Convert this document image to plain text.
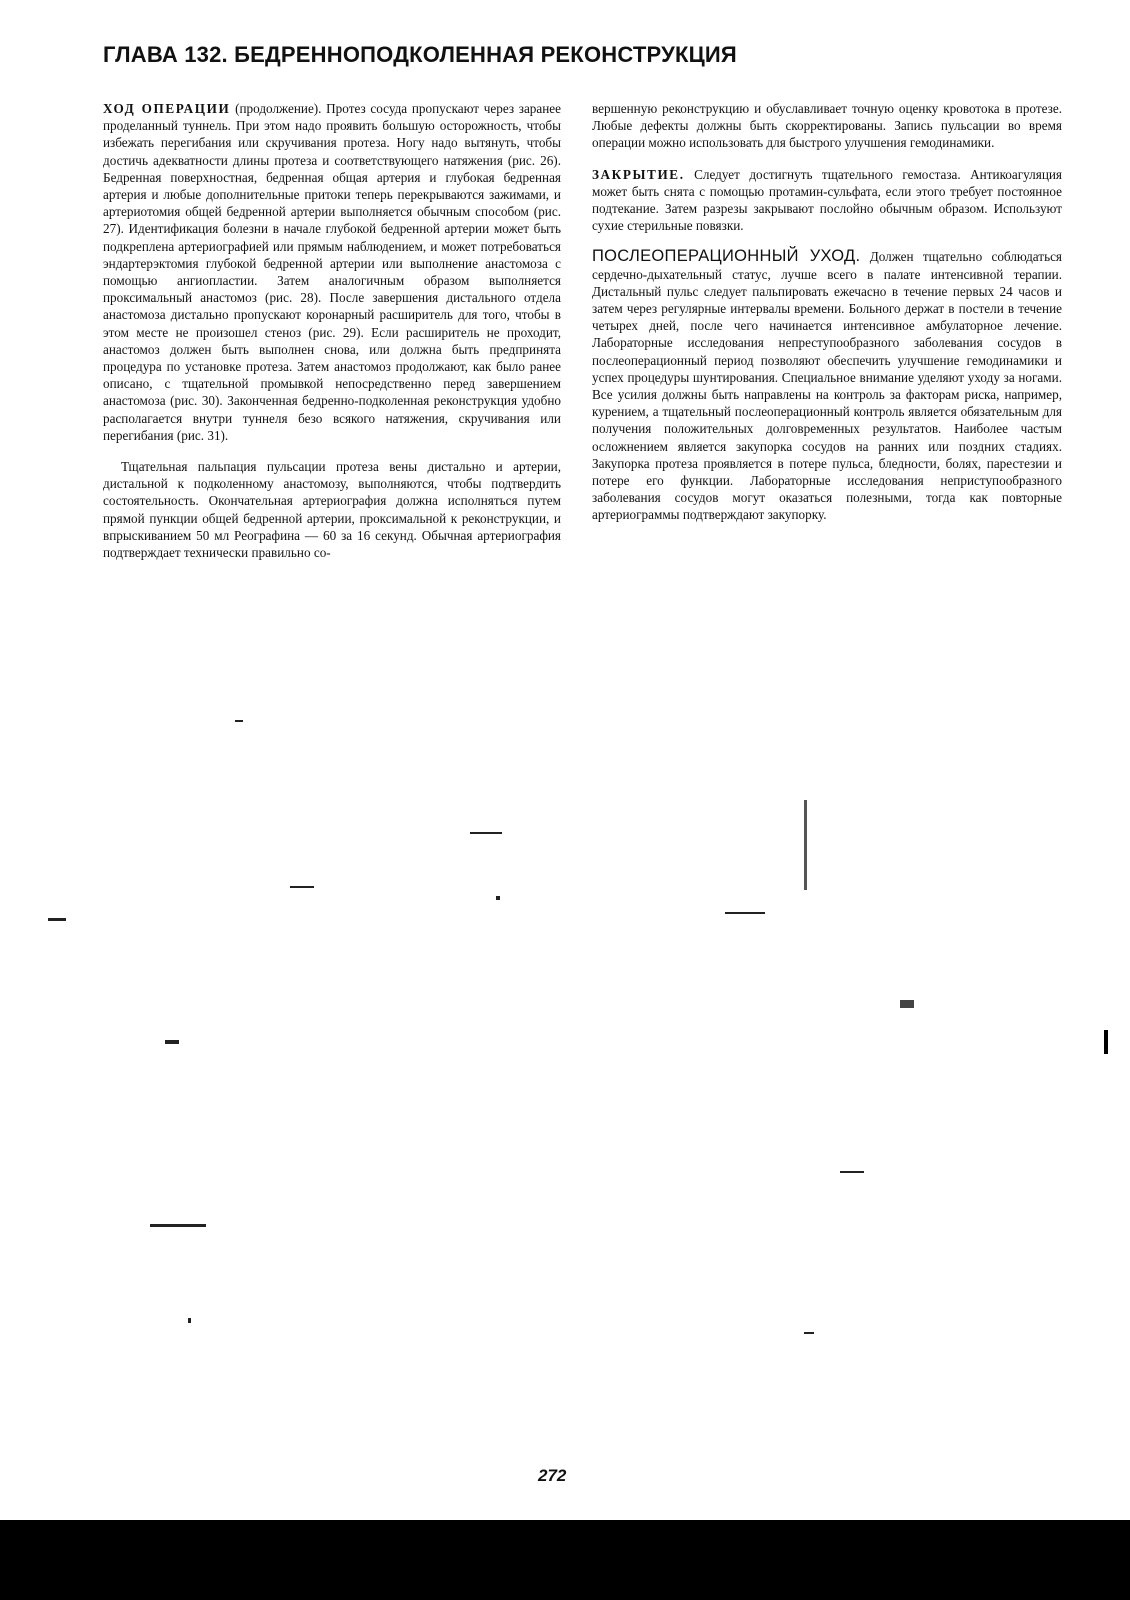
ГЛАВА 132. БЕДРЕННОПОДКОЛЕННАЯ РЕКОНСТРУКЦИЯ

ХОД ОПЕРАЦИИ (продолжение). Протез сосуда пропускают через заранее проделанный туннель. При этом надо проявить большую осторожность, чтобы избежать перегибания или скручивания протеза. Ногу надо вытянуть, чтобы достичь адекватности длины протеза и соответствующего натяжения (рис. 26). Бедренная поверхностная, бедренная общая артерия и глубокая бедренная артерия и любые дополнительные притоки теперь перекрываются зажимами, и артериотомия общей бедренной артерии выполняется обычным способом (рис. 27). Идентификация болезни в начале глубокой бедренной артерии может быть подкреплена артериографией или прямым наблюдением, и может потребоваться эндартерэктомия глубокой бедренной артерии или выполнение анастомоза с помощью ангиопластии. Затем аналогичным образом выполняется проксимальный анастомоз (рис. 28). После завершения дистального отдела анастомоза дистально пропускают коронарный расширитель для того, чтобы в этом месте не произошел стеноз (рис. 29). Если расширитель не проходит, анастомоз должен быть выполнен снова, или должна быть предпринята процедура по установке протеза. Затем анастомоз продолжают, как было ранее описано, с тщательной промывкой непосредственно перед завершением анастомоза (рис. 30). Законченная бедренно-подколенная реконструкция удобно располагается внутри туннеля безо всякого натяжения, скручивания или перегибания (рис. 31).

Тщательная пальпация пульсации протеза вены дистально и артерии, дистальной к подколенному анастомозу, выполняются, чтобы подтвердить состоятельность. Окончательная артериография должна исполняться путем прямой пункции общей бедренной артерии, проксимальной к реконструкции, и впрыскиванием 50 мл Реографина — 60 за 16 секунд. Обычная артериография подтверждает технически правильно со-

вершенную реконструкцию и обуславливает точную оценку кровотока в протезе. Любые дефекты должны быть скорректированы. Запись пульсации во время операции можно использовать для быстрого улучшения гемодинамики.

ЗАКРЫТИЕ. Следует достигнуть тщательного гемостаза. Антикоагуляция может быть снята с помощью протамин-сульфата, если этого требует постоянное подтекание. Затем разрезы закрывают послойно обычным образом. Используют сухие стерильные повязки.

ПОСЛЕОПЕРАЦИОННЫЙ УХОД. Должен тщательно соблюдаться сердечно-дыхательный статус, лучше всего в палате интенсивной терапии. Дистальный пульс следует пальпировать ежечасно в течение первых 24 часов и затем через регулярные интервалы времени. Больного держат в постели в течение четырех дней, после чего начинается интенсивное амбулаторное лечение. Лабораторные исследования непреступообразного заболевания сосудов в послеоперационный период позволяют обеспечить улучшение гемодинамики и успех процедуры шунтирования. Специальное внимание уделяют уходу за ногами. Все усилия должны быть направлены на контроль за факторам риска, например, курением, а тщательный послеоперационный контроль является обязательным для получения положительных долговременных результатов. Наиболее частым осложнением является закупорка сосудов на ранних или поздних стадиях. Закупорка протеза проявляется в потере пульса, бледности, болях, парестезии и потере его функции. Лабораторные исследования неприступообразного заболевания сосудов могут оказаться полезными, тогда как повторные артериограммы подтверждают закупорку.

272
